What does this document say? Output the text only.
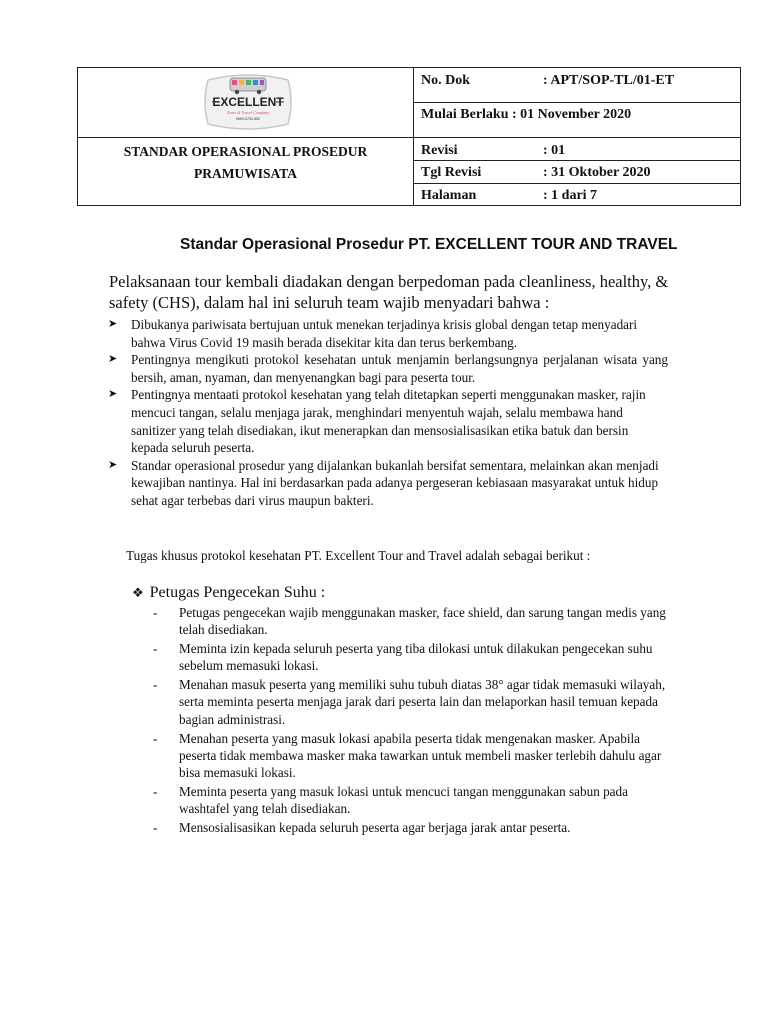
EXCELLENT
Tours & Travel Company
0899-5752-552
STANDAR OPERASIONAL PROSEDUR
PRAMUWISATA
No. Dok	: APT/SOP-TL/01-ET
Mulai Berlaku : 01 November 2020
Revisi	: 01
Tgl Revisi	: 31 Oktober 2020
Halaman	: 1 dari 7
Standar Operasional Prosedur PT. EXCELLENT TOUR AND TRAVEL
Pelaksanaan tour kembali diadakan dengan berpedoman pada cleanliness, healthy, & safety (CHS), dalam hal ini seluruh team wajib menyadari bahwa :
➤ Dibukanya pariwisata bertujuan untuk menekan terjadinya krisis global dengan tetap menyadari bahwa Virus Covid 19 masih berada disekitar kita dan terus berkembang.
➤ Pentingnya mengikuti protokol kesehatan untuk menjamin berlangsungnya perjalanan wisata yang bersih, aman, nyaman, dan menyenangkan bagi para peserta tour.
➤ Pentingnya mentaati protokol kesehatan yang telah ditetapkan seperti menggunakan masker, rajin mencuci tangan, selalu menjaga jarak, menghindari menyentuh wajah, selalu membawa hand sanitizer yang telah disediakan, ikut menerapkan dan mensosialisasikan etika batuk dan bersin kepada seluruh peserta.
➤ Standar operasional prosedur yang dijalankan bukanlah bersifat sementara, melainkan akan menjadi kewajiban nantinya. Hal ini berdasarkan pada adanya pergeseran kebiasaan masyarakat untuk hidup sehat agar terbebas dari virus maupun bakteri.
Tugas khusus protokol kesehatan PT. Excellent Tour and Travel adalah sebagai berikut :
❖ Petugas Pengecekan Suhu :
- Petugas pengecekan wajib menggunakan masker, face shield, dan sarung tangan medis yang telah disediakan.
- Meminta izin kepada seluruh peserta yang tiba dilokasi untuk dilakukan pengecekan suhu sebelum memasuki lokasi.
- Menahan masuk peserta yang memiliki suhu tubuh diatas 38° agar tidak memasuki wilayah, serta meminta peserta menjaga jarak dari peserta lain dan melaporkan hasil temuan kepada bagian administrasi.
- Menahan peserta yang masuk lokasi apabila peserta tidak mengenakan masker. Apabila peserta tidak membawa masker maka tawarkan untuk membeli masker terlebih dahulu agar bisa memasuki lokasi.
- Meminta peserta yang masuk lokasi untuk mencuci tangan menggunakan sabun pada washtafel yang telah disediakan.
- Mensosialisasikan kepada seluruh peserta agar berjaga jarak antar peserta.
